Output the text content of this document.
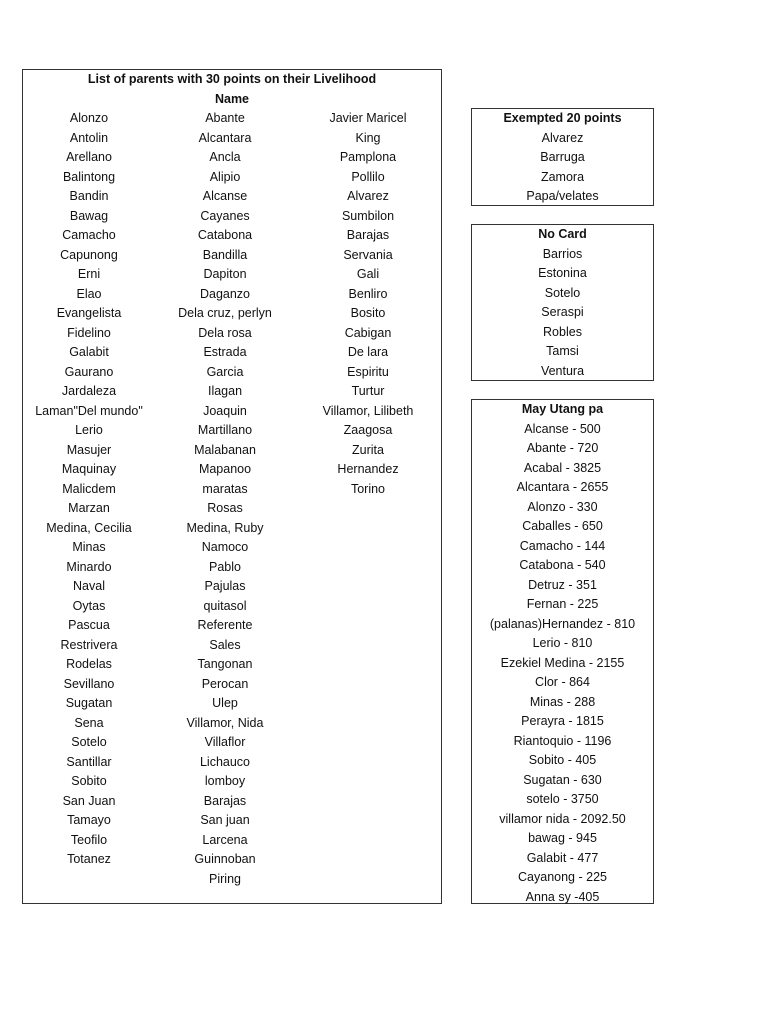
List of parents with 30 points on their Livelihood
Name
Alonzo
Antolin
Arellano
Balintong
Bandin
Bawag
Camacho
Capunong
Erni
Elao
Evangelista
Fidelino
Galabit
Gaurano
Jardaleza
Laman"Del mundo"
Lerio
Masujer
Maquinay
Malicdem
Marzan
Medina, Cecilia
Minas
Minardo
Naval
Oytas
Pascua
Restrivera
Rodelas
Sevillano
Sugatan
Sena
Sotelo
Santillar
Sobito
San Juan
Tamayo
Teofilo
Totanez
Abante
Alcantara
Ancla
Alipio
Alcanse
Cayanes
Catabona
Bandilla
Dapiton
Daganzo
Dela cruz, perlyn
Dela rosa
Estrada
Garcia
Ilagan
Joaquin
Martillano
Malabanan
Mapanoo
maratas
Rosas
Medina, Ruby
Namoco
Pablo
Pajulas
quitasol
Referente
Sales
Tangonan
Perocan
Ulep
Villamor, Nida
Villaflor
Lichauco
lomboy
Barajas
San juan
Larcena
Guinnoban
Piring
Javier Maricel
King
Pamplona
Pollilo
Alvarez
Sumbilon
Barajas
Servania
Gali
Benliro
Bosito
Cabigan
De lara
Espiritu
Turtur
Villamor, Lilibeth
Zaagosa
Zurita
Hernandez
Torino
Exempted 20 points
Alvarez
Barruga
Zamora
Papa/velates
No Card
Barrios
Estonina
Sotelo
Seraspi
Robles
Tamsi
Ventura
May Utang pa
Alcanse - 500
Abante - 720
Acabal - 3825
Alcantara - 2655
Alonzo - 330
Caballes - 650
Camacho - 144
Catabona - 540
Detruz - 351
Fernan - 225
(palanas)Hernandez - 810
Lerio - 810
Ezekiel Medina - 2155
Clor - 864
Minas - 288
Perayra - 1815
Riantoquio - 1196
Sobito - 405
Sugatan - 630
sotelo - 3750
villamor nida - 2092.50
bawag - 945
Galabit - 477
Cayanong - 225
Anna sy -405
